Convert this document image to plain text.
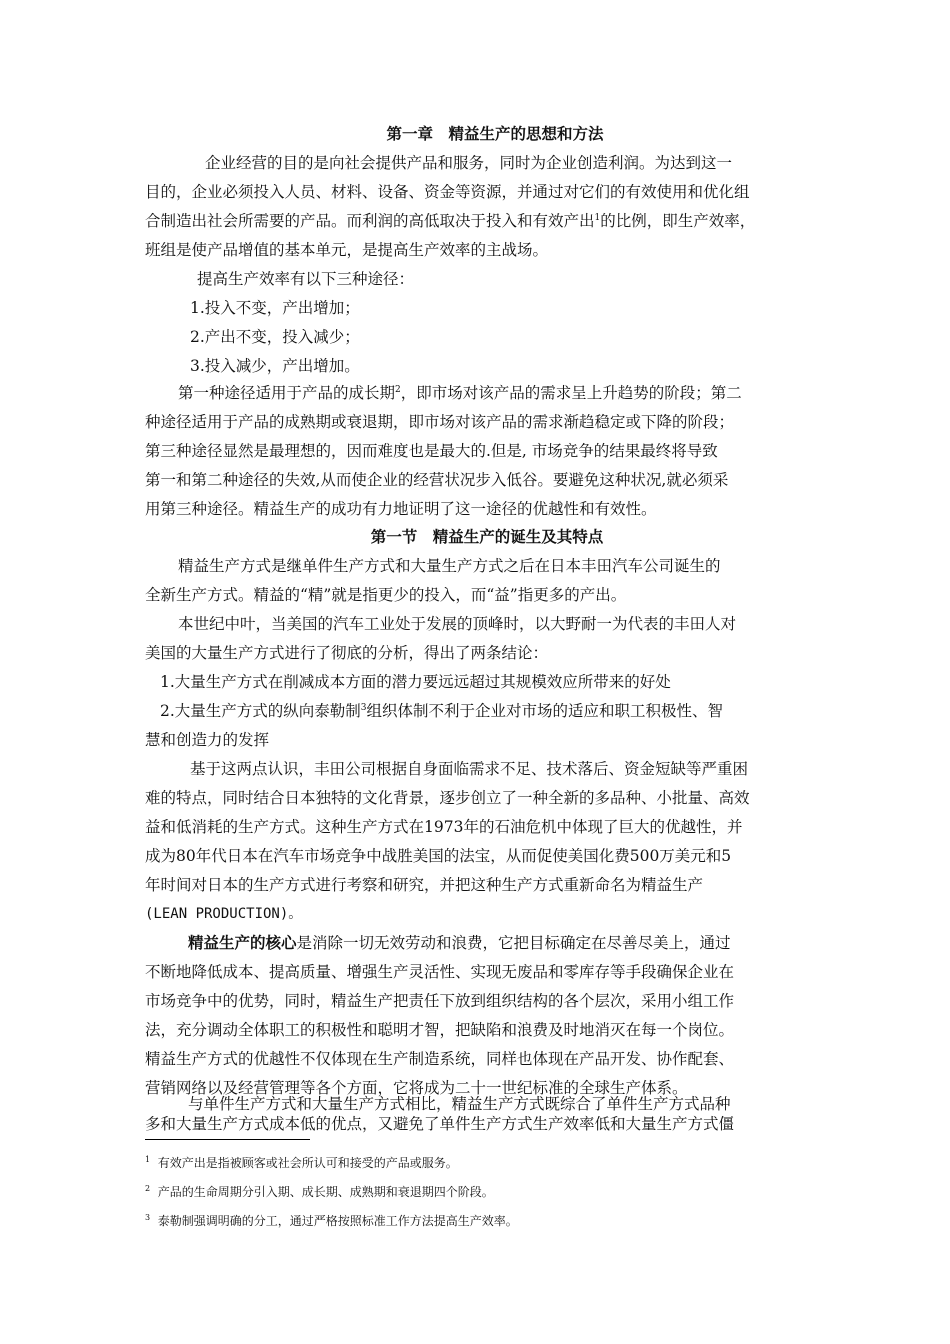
第一章　精益生产的思想和方法
企业经营的目的是向社会提供产品和服务，同时为企业创造利润。为达到这一
目的，企业必须投入人员、材料、设备、资金等资源，并通过对它们的有效使用和优化组
合制造出社会所需要的产品。而利润的高低取决于投入和有效产出$^1$的比例，即生产效率，
班组是使产品增值的基本单元，是提高生产效率的主战场。
提高生产效率有以下三种途径：
1.投入不变，产出增加；
2.产出不变，投入减少；
3.投入减少，产出增加。
第一种途径适用于产品的成长期$^2$，即市场对该产品的需求呈上升趋势的阶段；第二
种途径适用于产品的成熟期或衰退期，即市场对该产品的需求渐趋稳定或下降的阶段；
第三种途径显然是最理想的，因而难度也是最大的.但是, 市场竞争的结果最终将导致
第一和第二种途径的失效,从而使企业的经营状况步入低谷。要避免这种状况,就必须采
用第三种途径。精益生产的成功有力地证明了这一途径的优越性和有效性。
第一节　精益生产的诞生及其特点
精益生产方式是继单件生产方式和大量生产方式之后在日本丰田汽车公司诞生的
全新生产方式。精益的“精”就是指更少的投入，而“益”指更多的产出。
本世纪中叶，当美国的汽车工业处于发展的顶峰时，以大野耐一为代表的丰田人对
美国的大量生产方式进行了彻底的分析，得出了两条结论：
1.大量生产方式在削减成本方面的潜力要远远超过其规模效应所带来的好处
2.大量生产方式的纵向泰勒制$^3$组织体制不利于企业对市场的适应和职工积极性、智
慧和创造力的发挥
基于这两点认识，丰田公司根据自身面临需求不足、技术落后、资金短缺等严重困
难的特点，同时结合日本独特的文化背景，逐步创立了一种全新的多品种、小批量、高效
益和低消耗的生产方式。这种生产方式在1973年的石油危机中体现了巨大的优越性，并
成为80年代日本在汽车市场竞争中战胜美国的法宝，从而促使美国化费500万美元和5
年时间对日本的生产方式进行考察和研究，并把这种生产方式重新命名为精益生产
(LEAN PRODUCTION)。
精益生产的核心是消除一切无效劳动和浪费，它把目标确定在尽善尽美上，通过
不断地降低成本、提高质量、增强生产灵活性、实现无废品和零库存等手段确保企业在
市场竞争中的优势，同时，精益生产把责任下放到组织结构的各个层次，采用小组工作
法，充分调动全体职工的积极性和聪明才智，把缺陷和浪费及时地消灭在每一个岗位。
精益生产方式的优越性不仅体现在生产制造系统，同样也体现在产品开发、协作配套、
营销网络以及经营管理等各个方面，它将成为二十一世纪标准的全球生产体系。
与单件生产方式和大量生产方式相比，精益生产方式既综合了单件生产方式品种
多和大量生产方式成本低的优点，又避免了单件生产方式生产效率低和大量生产方式僵
$^1$ 有效产出是指被顾客或社会所认可和接受的产品或服务。
$^2$ 产品的生命周期分引入期、成长期、成熟期和衰退期四个阶段。
$^3$ 泰勒制强调明确的分工，通过严格按照标准工作方法提高生产效率。
